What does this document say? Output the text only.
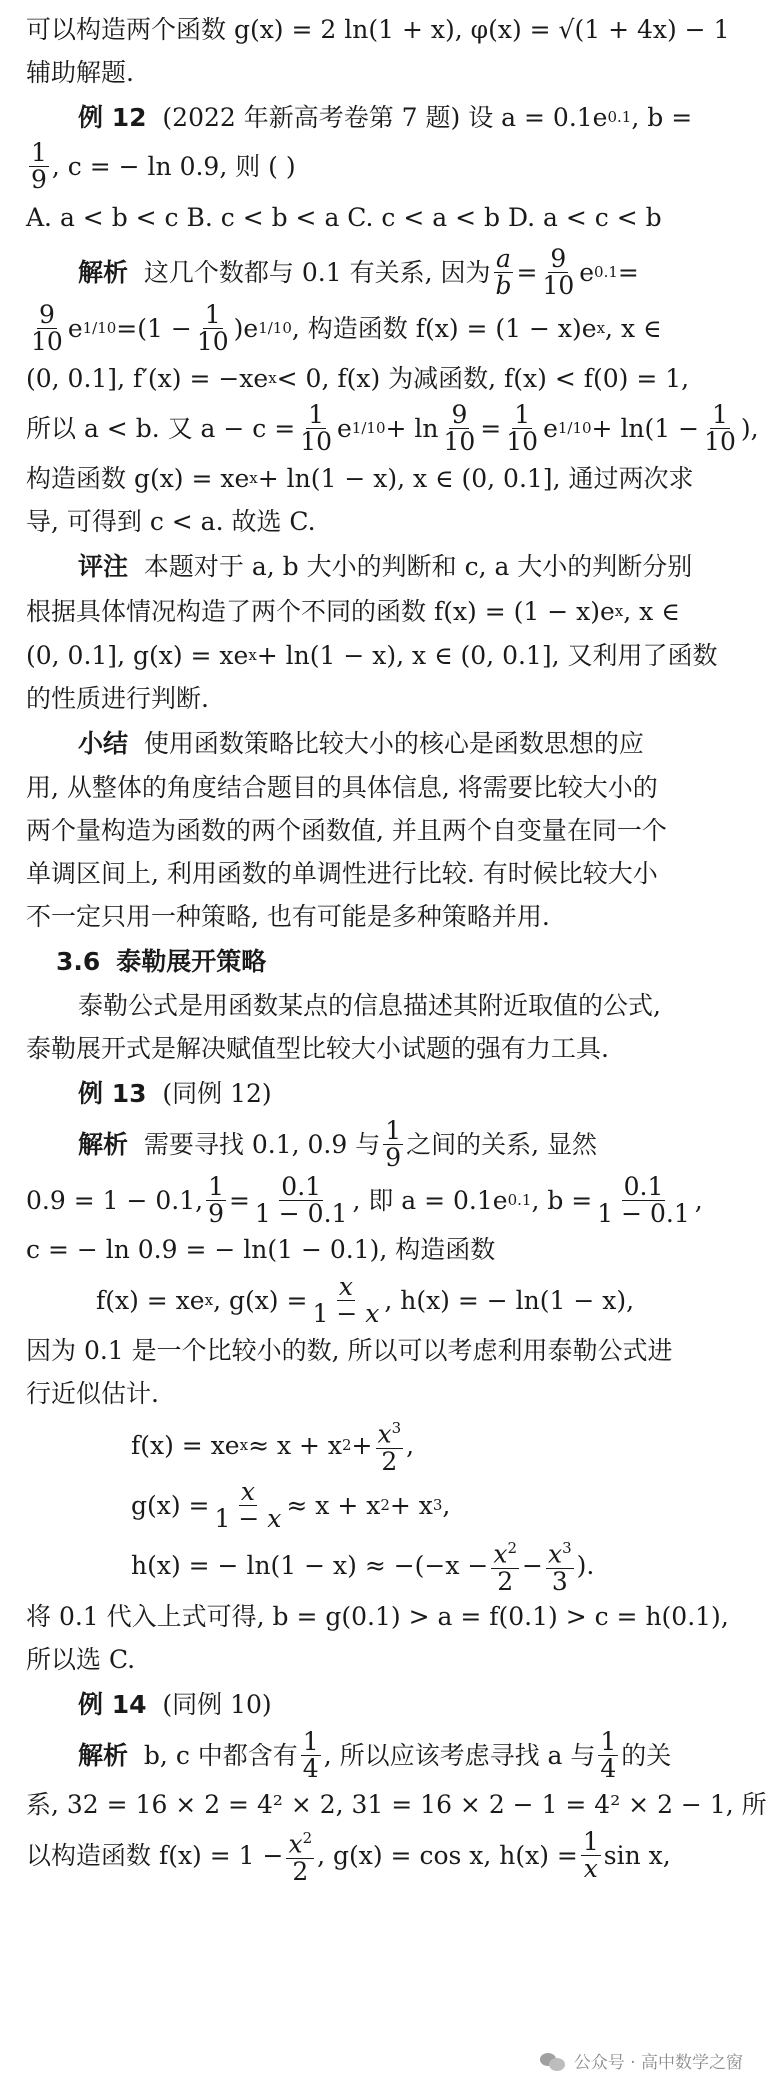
可以构造两个函数 g(x) = 2 ln(1 + x), φ(x) = √(1 + 4x) − 1
辅助解题.
例 12
(2022 年新高考卷第 7 题) 设 a = 0.1e 0.1 , b =
$\frac{1}{9}$ , c = − ln 0.9, 则 ( )
A. a < b < c B. c < b < a C. c < a < b D. a < c < b
解析
这几个数都与 0.1 有关系, 因为 $\frac{a}{b} = \frac{9}{10}$ e 0.1 =
$\frac{9}{10}$ e $1/10 = (1 - \frac{1}{10} )e$ 1/10 , 构造函数 f(x) = (1 − x)e x , x ∈
(0, 0.1], f′(x) = −xe x < 0, f(x) 为减函数, f(x) < f(0) = 1,
所以 a < b. 又 $a - c = \frac{1}{10}$ e $1/10 + \ln \frac{9}{10} = \frac{1}{10}$ e $1/10 + \ln(1 - \frac{1}{10}$ ),
构造函数 g(x) = xe x + ln(1 − x), x ∈ (0, 0.1], 通过两次求
导, 可得到 c < a. 故选 C.
评注
本题对于 a, b 大小的判断和 c, a 大小的判断分别
根据具体情况构造了两个不同的函数 f(x) = (1 − x)e x , x ∈
(0, 0.1], g(x) = xe x + ln(1 − x), x ∈ (0, 0.1], 又利用了函数
的性质进行判断.
小结
使用函数策略比较大小的核心是函数思想的应
用, 从整体的角度结合题目的具体信息, 将需要比较大小的
两个量构造为函数的两个函数值, 并且两个自变量在同一个
单调区间上, 利用函数的单调性进行比较. 有时候比较大小
不一定只用一种策略, 也有可能是多种策略并用.
3.6
泰勒展开策略
泰勒公式是用函数某点的信息描述其附近取值的公式,
泰勒展开式是解决赋值型比较大小试题的强有力工具.
例 13
(同例 12)
解析
需要寻找 0.1, 0.9 与 $\frac{1}{9}$ 之间的关系, 显然
0.9 = 1 − 0.1, $\frac{1}{9} = \frac{0.1}{1 - 0.1}$ , 即 a = 0.1e 0.1 , $b = \frac{0.1}{1 - 0.1}$ ,
c = − ln 0.9 = − ln(1 − 0.1), 构造函数
f(x) = xe x , $g(x) = \frac{x}{1 - x}$ , h(x) = − ln(1 − x),
因为 0.1 是一个比较小的数, 所以可以考虑利用泰勒公式进
行近似估计.
f(x) = xe x ≈ x + x $2 + \frac{x^3}{2}$ ,
$g(x) = \frac{x}{1 - x} \approx x + x$ 2 + x 3 ,
h(x) = − $\ln(1 - x) \approx -(-x - \frac{x^2}{2} - \frac{x^3}{3}$ ).
将 0.1 代入上式可得, b = g(0.1) > a = f(0.1) > c = h(0.1),
所以选 C.
例 14
(同例 10)
解析
b, c 中都含有 $\frac{1}{4}$ , 所以应该考虑寻找 a 与 $\frac{1}{4}$ 的关
系, 32 = 16 × 2 = 4² × 2, 31 = 16 × 2 − 1 = 4² × 2 − 1, 所
以构造函数 $f(x) = 1 - \frac{x^2}{2}$ , g(x) = cos x, $h(x) = \frac{1}{x}$ sin x,
公众号 · 高中数学之窗
